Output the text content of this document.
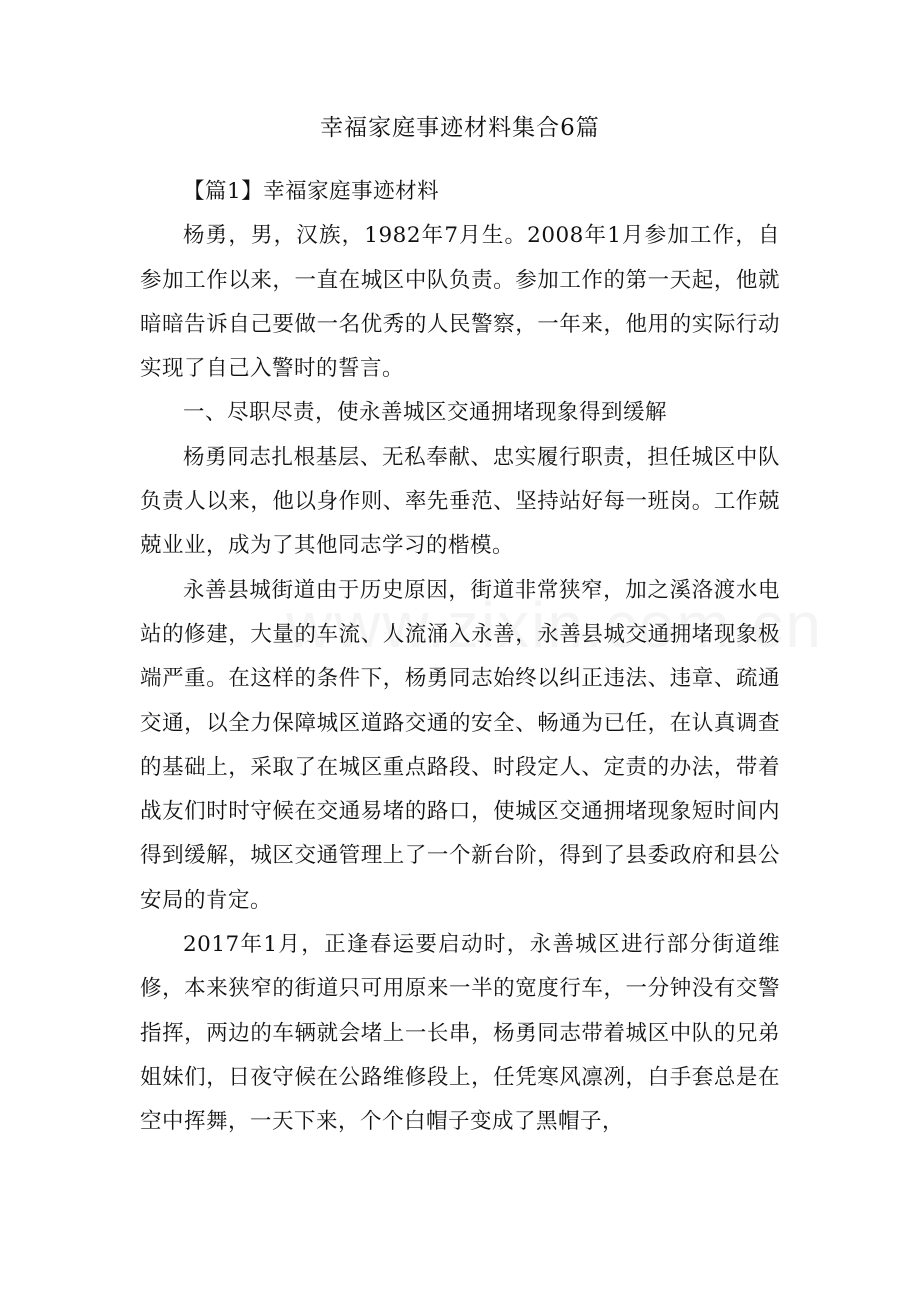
幸福家庭事迹材料集合6篇

【篇1】幸福家庭事迹材料

杨勇，男，汉族，1982年7月生。2008年1月参加工作，自参加工作以来，一直在城区中队负责。参加工作的第一天起，他就暗暗告诉自己要做一名优秀的人民警察，一年来，他用的实际行动实现了自己入警时的誓言。

一、尽职尽责，使永善城区交通拥堵现象得到缓解

杨勇同志扎根基层、无私奉献、忠实履行职责，担任城区中队负责人以来，他以身作则、率先垂范、坚持站好每一班岗。工作兢兢业业，成为了其他同志学习的楷模。

永善县城街道由于历史原因，街道非常狭窄，加之溪洛渡水电站的修建，大量的车流、人流涌入永善，永善县城交通拥堵现象极端严重。在这样的条件下，杨勇同志始终以纠正违法、违章、疏通交通，以全力保障城区道路交通的安全、畅通为已任，在认真调查的基础上，采取了在城区重点路段、时段定人、定责的办法，带着战友们时时守候在交通易堵的路口，使城区交通拥堵现象短时间内得到缓解，城区交通管理上了一个新台阶，得到了县委政府和县公安局的肯定。

2017年1月，正逢春运要启动时，永善城区进行部分街道维修，本来狭窄的街道只可用原来一半的宽度行车，一分钟没有交警指挥，两边的车辆就会堵上一长串，杨勇同志带着城区中队的兄弟姐妹们，日夜守候在公路维修段上，任凭寒风凛冽，白手套总是在空中挥舞，一天下来，个个白帽子变成了黑帽子，
